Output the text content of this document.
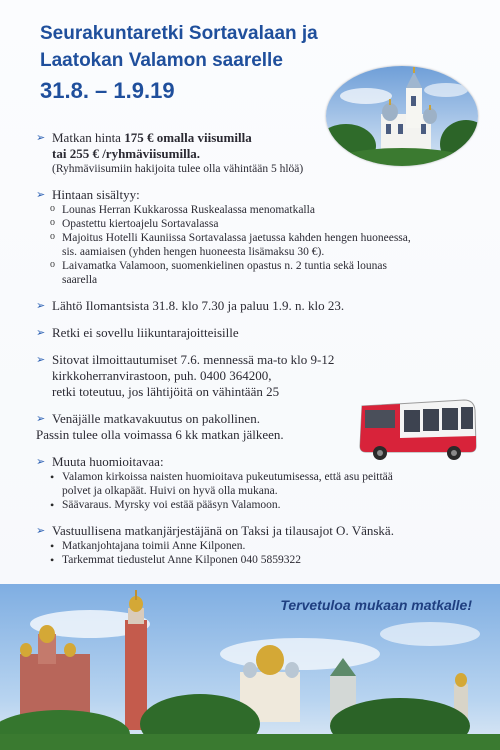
Seurakuntaretki Sortavalaan ja
Laatokan Valamon saarelle
31.8. – 1.9.19
➢ Matkan hinta 175 € omalla viisumilla
tai 255 € /ryhmäviisumilla.
(Ryhmäviisumiin hakijoita tulee olla vähintään 5 hlöä)
➢ Hintaan sisältyy:
o Lounas Herran Kukkarossa Ruskealassa menomatkalla
o Opastettu kiertoajelu Sortavalassa
o Majoitus Hotelli Kauniissa Sortavalassa jaetussa kahden hengen huoneessa,
sis. aamiaisen (yhden hengen huoneesta lisämaksu 30 €).
o Laivamatka Valamoon, suomenkielinen opastus n. 2 tuntia sekä lounas
saarella
➢ Lähtö Ilomantsista 31.8. klo 7.30 ja paluu 1.9. n. klo 23.
➢ Retki ei sovellu liikuntarajoitteisille
➢ Sitovat ilmoittautumiset 7.6. mennessä ma-to klo 9-12
kirkkoherranvirastoon, puh. 0400 364200,
retki toteutuu, jos lähtijöitä on vähintään 25
➢ Venäjälle matkavakuutus on pakollinen.
Passin tulee olla voimassa 6 kk matkan jälkeen.
➢ Muuta huomioitavaa:
• Valamon kirkoissa naisten huomioitava pukeutumisessa, että asu peittää
polvet ja olkapäät. Huivi on hyvä olla mukana.
• Säävaraus. Myrsky voi estää pääsyn Valamoon.
➢ Vastuullisena matkanjärjestäjänä on Taksi ja tilausajot O. Vänskä.
• Matkanjohtajana toimii Anne Kilponen.
• Tarkemmat tiedustelut Anne Kilponen 040 5859322
Tervetuloa mukaan matkalle!
